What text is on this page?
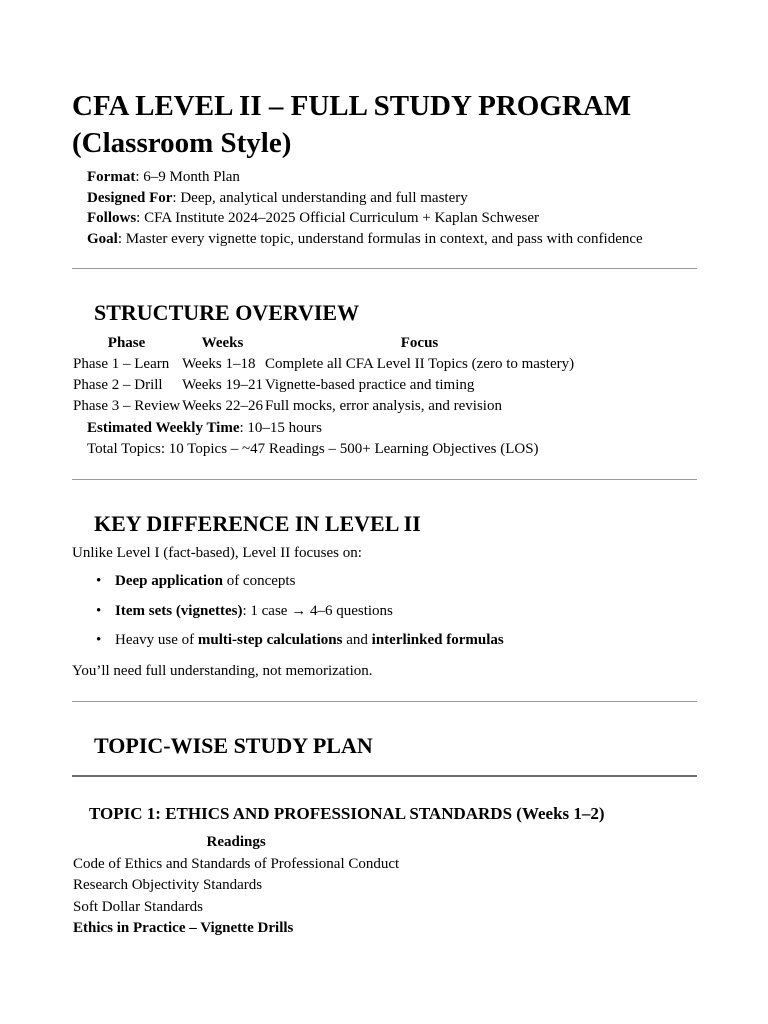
CFA LEVEL II – FULL STUDY PROGRAM (Classroom Style)
Format: 6–9 Month Plan
Designed For: Deep, analytical understanding and full mastery
Follows: CFA Institute 2024–2025 Official Curriculum + Kaplan Schweser
Goal: Master every vignette topic, understand formulas in context, and pass with confidence
STRUCTURE OVERVIEW
Phase	Weeks	Focus
Phase 1 – Learn	Weeks 1–18	Complete all CFA Level II Topics (zero to mastery)
Phase 2 – Drill	Weeks 19–21	Vignette-based practice and timing
Phase 3 – Review	Weeks 22–26	Full mocks, error analysis, and revision
Estimated Weekly Time: 10–15 hours
Total Topics: 10 Topics – ~47 Readings – 500+ Learning Objectives (LOS)
KEY DIFFERENCE IN LEVEL II
Unlike Level I (fact-based), Level II focuses on:
• Deep application of concepts
• Item sets (vignettes): 1 case → 4–6 questions
• Heavy use of multi-step calculations and interlinked formulas
You’ll need full understanding, not memorization.
TOPIC-WISE STUDY PLAN
TOPIC 1: ETHICS AND PROFESSIONAL STANDARDS (Weeks 1–2)
Readings
Code of Ethics and Standards of Professional Conduct
Research Objectivity Standards
Soft Dollar Standards
Ethics in Practice – Vignette Drills
